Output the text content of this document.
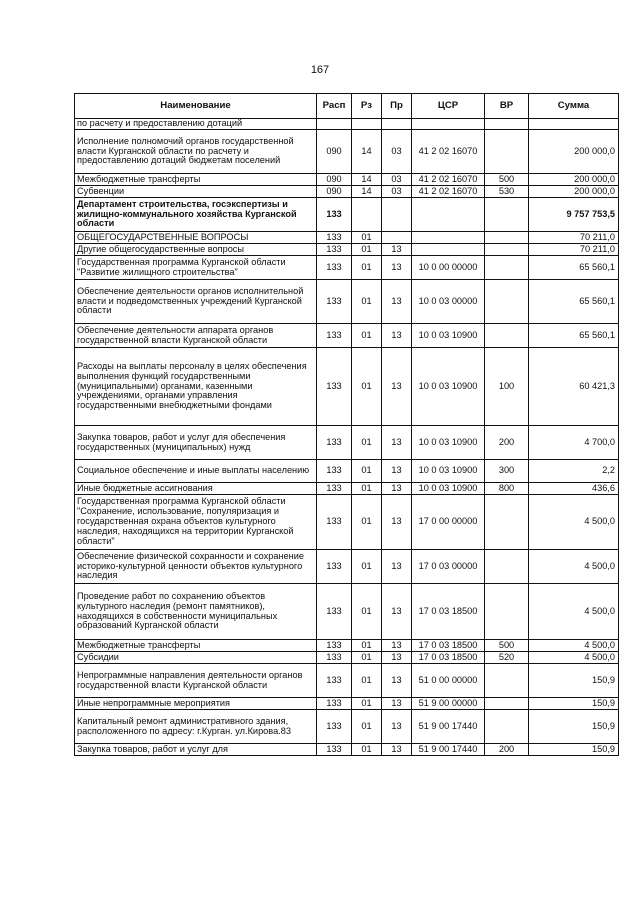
167
Наименование	Расп	Рз	Пр	ЦСР	ВР	Сумма
по расчету и предоставлению дотаций						
Исполнение полномочий органов государственной власти Курганской области по расчету и предоставлению дотаций бюджетам поселений	090	14	03	41 2 02 16070		200 000,0
Межбюджетные трансферты	090	14	03	41 2 02 16070	500	200 000,0
Субвенции	090	14	03	41 2 02 16070	530	200 000,0
Департамент строительства, госэкспертизы и жилищно-коммунального хозяйства Курганской области	133					9 757 753,5
ОБЩЕГОСУДАРСТВЕННЫЕ ВОПРОСЫ	133	01				70 211,0
Другие общегосударственные вопросы	133	01	13			70 211,0
Государственная программа Курганской области "Развитие жилищного строительства"	133	01	13	10 0 00 00000		65 560,1
Обеспечение деятельности органов исполнительной власти и подведомственных учреждений Курганской области	133	01	13	10 0 03 00000		65 560,1
Обеспечение деятельности аппарата органов государственной власти Курганской области	133	01	13	10 0 03 10900		65 560,1
Расходы на выплаты персоналу в целях обеспечения выполнения функций государственными (муниципальными) органами, казенными учреждениями, органами управления государственными внебюджетными фондами	133	01	13	10 0 03 10900	100	60 421,3
Закупка товаров, работ и услуг для обеспечения государственных (муниципальных) нужд	133	01	13	10 0 03 10900	200	4 700,0
Социальное обеспечение и иные выплаты населению	133	01	13	10 0 03 10900	300	2,2
Иные бюджетные ассигнования	133	01	13	10 0 03 10900	800	436,6
Государственная программа Курганской области "Сохранение, использование, популяризация и государственная охрана объектов культурного наследия, находящихся на территории Курганской области"	133	01	13	17 0 00 00000		4 500,0
Обеспечение физической сохранности и сохранение историко-культурной ценности объектов культурного наследия	133	01	13	17 0 03 00000		4 500,0
Проведение работ по сохранению объектов культурного наследия (ремонт памятников), находящихся в собственности муниципальных образований Курганской области	133	01	13	17 0 03 18500		4 500,0
Межбюджетные трансферты	133	01	13	17 0 03 18500	500	4 500,0
Субсидии	133	01	13	17 0 03 18500	520	4 500,0
Непрограммные направления деятельности органов государственной власти Курганской области	133	01	13	51 0 00 00000		150,9
Иные непрограммные мероприятия	133	01	13	51 9 00 00000		150,9
Капитальный ремонт административного здания, расположенного по адресу: г.Курган. ул.Кирова.83	133	01	13	51 9 00 17440		150,9
Закупка товаров, работ и услуг для	133	01	13	51 9 00 17440	200	150,9
